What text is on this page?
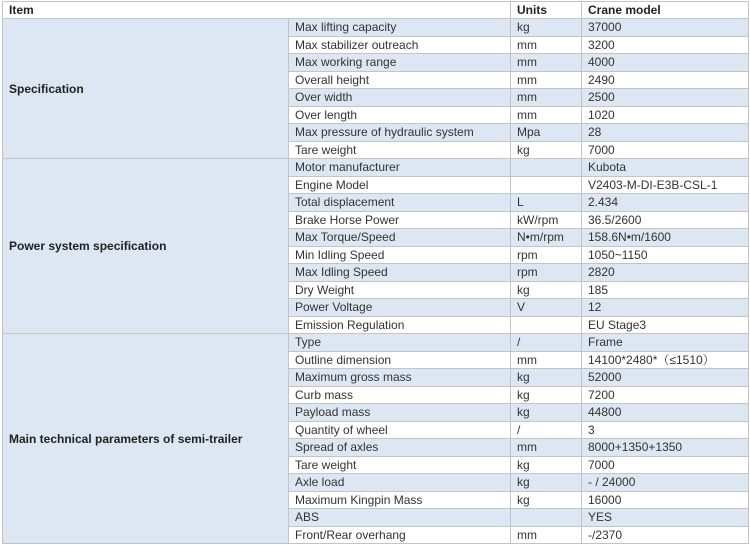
Item		Units	Crane model
Specification	Max lifting capacity	kg	37000
	Max stabilizer outreach	mm	3200
	Max working range	mm	4000
	Overall height	mm	2490
	Over width	mm	2500
	Over length	mm	1020
	Max pressure of hydraulic system	Mpa	28
	Tare weight	kg	7000
Power system specification	Motor manufacturer		Kubota
	Engine Model		V2403-M-DI-E3B-CSL-1
	Total displacement	L	2.434
	Brake Horse Power	kW/rpm	36.5/2600
	Max Torque/Speed	N•m/rpm	158.6N•m/1600
	Min Idling Speed	rpm	1050~1150
	Max Idling Speed	rpm	2820
	Dry Weight	kg	185
	Power Voltage	V	12
	Emission Regulation		EU Stage3
Main technical parameters of semi-trailer	Type	/	Frame
	Outline dimension	mm	14100*2480*（≤1510）
	Maximum gross mass	kg	52000
	Curb mass	kg	7200
	Payload mass	kg	44800
	Quantity of wheel	/	3
	Spread of axles	mm	8000+1350+1350
	Tare weight	kg	7000
	Axle load	kg	- / 24000
	Maximum Kingpin Mass	kg	16000
	ABS		YES
	Front/Rear overhang	mm	-/2370
